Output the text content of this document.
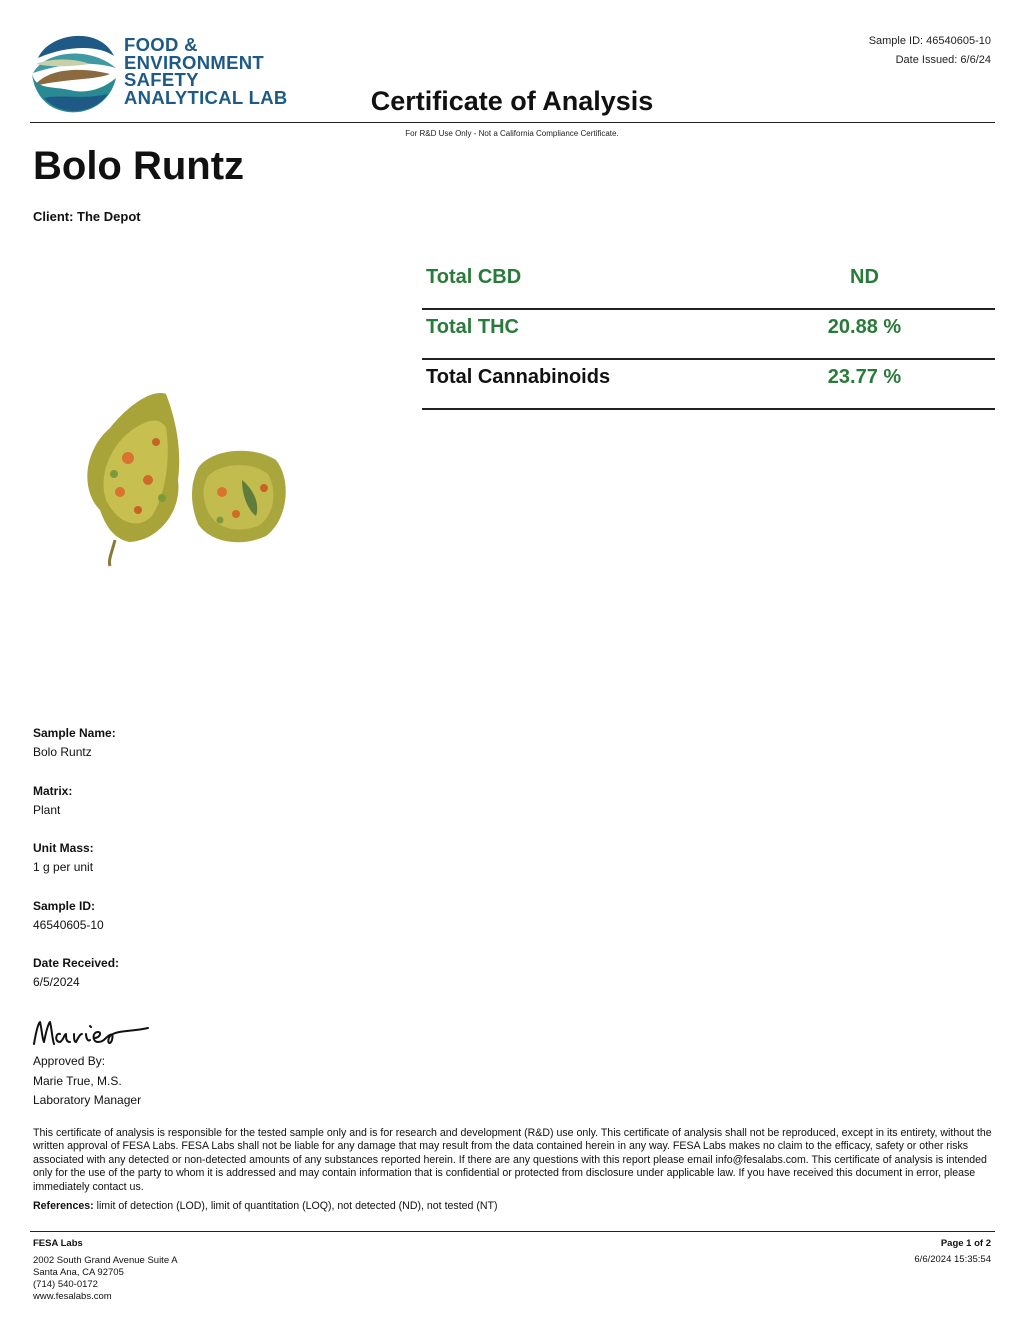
FOOD &
ENVIRONMENT
SAFETY
ANALYTICAL LAB
Sample ID: 46540605-10
Date Issued: 6/6/24
Certificate of Analysis
For R&D Use Only - Not a California Compliance Certificate.
Bolo Runtz
Client: The Depot
Total CBD	ND
Total THC	20.88 %
Total Cannabinoids	23.77 %
Sample Name:
Bolo Runtz
Matrix:
Plant
Unit Mass:
1 g per unit
Sample ID:
46540605-10
Date Received:
6/5/2024
Approved By:
Marie True, M.S.
Laboratory Manager
This certificate of analysis is responsible for the tested sample only and is for research and development (R&D) use only. This certificate of analysis shall not be reproduced, except in its entirety, without the written approval of FESA Labs. FESA Labs shall not be liable for any damage that may result from the data contained herein in any way. FESA Labs makes no claim to the efficacy, safety or other risks associated with any detected or non-detected amounts of any substances reported herein. If there are any questions with this report please email info@fesalabs.com. This certificate of analysis is intended only for the use of the party to whom it is addressed and may contain information that is confidential or protected from disclosure under applicable law. If you have received this document in error, please immediately contact us.
References: limit of detection (LOD), limit of quantitation (LOQ), not detected (ND), not tested (NT)
FESA Labs
2002 South Grand Avenue Suite A
Santa Ana, CA 92705
(714) 540-0172
www.fesalabs.com
Page 1 of 2
6/6/2024 15:35:54
